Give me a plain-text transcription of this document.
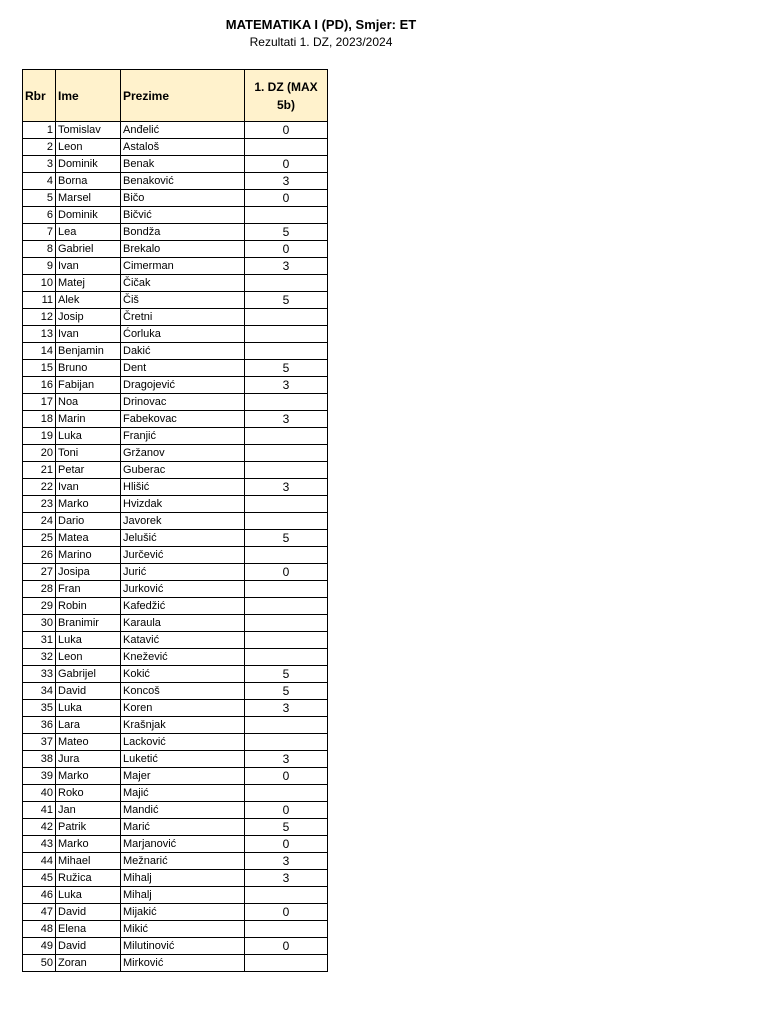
MATEMATIKA I (PD), Smjer: ET
Rezultati 1. DZ, 2023/2024
Rbr	Ime	Prezime	1. DZ (MAX 5b)
1	Tomislav	Anđelić	0
2	Leon	Astaloš	
3	Dominik	Benak	0
4	Borna	Benaković	3
5	Marsel	Bičo	0
6	Dominik	Bičvić	
7	Lea	Bondža	5
8	Gabriel	Brekalo	0
9	Ivan	Cimerman	3
10	Matej	Čičak	
11	Alek	Čiš	5
12	Josip	Čretni	
13	Ivan	Ćorluka	
14	Benjamin	Dakić	
15	Bruno	Dent	5
16	Fabijan	Dragojević	3
17	Noa	Drinovac	
18	Marin	Fabekovac	3
19	Luka	Franjić	
20	Toni	Gržanov	
21	Petar	Guberac	
22	Ivan	Hlišić	3
23	Marko	Hvizdak	
24	Dario	Javorek	
25	Matea	Jelušić	5
26	Marino	Jurčević	
27	Josipa	Jurić	0
28	Fran	Jurković	
29	Robin	Kafedžić	
30	Branimir	Karaula	
31	Luka	Katavić	
32	Leon	Knežević	
33	Gabrijel	Kokić	5
34	David	Koncoš	5
35	Luka	Koren	3
36	Lara	Krašnjak	
37	Mateo	Lacković	
38	Jura	Luketić	3
39	Marko	Majer	0
40	Roko	Majić	
41	Jan	Mandić	0
42	Patrik	Marić	5
43	Marko	Marjanović	0
44	Mihael	Mežnarić	3
45	Ružica	Mihalj	3
46	Luka	Mihalj	
47	David	Mijakić	0
48	Elena	Mikić	
49	David	Milutinović	0
50	Zoran	Mirković	
